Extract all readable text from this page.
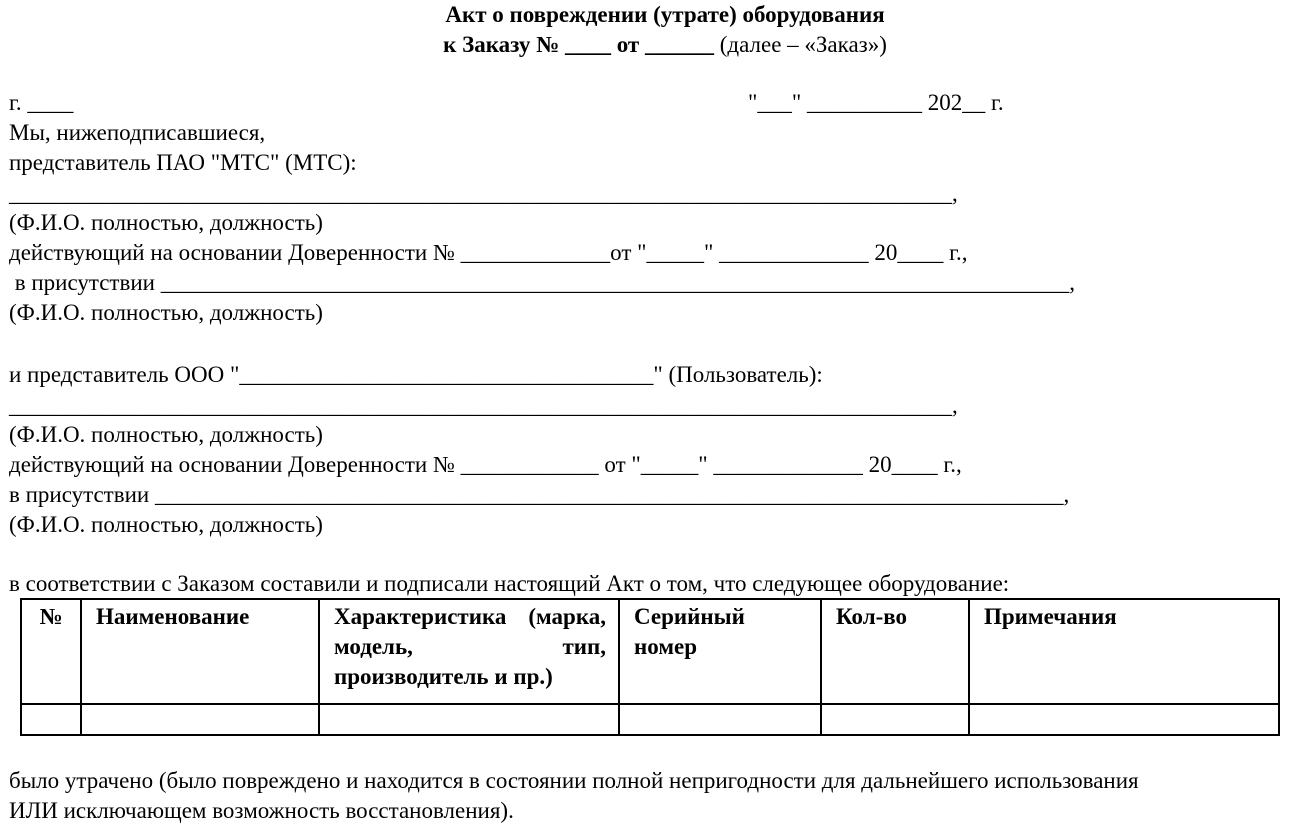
Акт о повреждении (утрате) оборудования
к Заказу № ____ от ______ (далее – «Заказ»)
г. ____	"___" __________ 202__ г.
Мы, нижеподписавшиеся,
представитель ПАО "МТС" (МТС):
__________________________________________________________________________________,
(Ф.И.О. полностью, должность)
действующий на основании Доверенности № _____________от "_____" _____________ 20____ г.,
в присутствии _______________________________________________________________________________,
(Ф.И.О. полностью, должность)
и представитель ООО "____________________________________" (Пользователь):
__________________________________________________________________________________,
(Ф.И.О. полностью, должность)
действующий на основании Доверенности № ____________ от "_____" _____________ 20____ г.,
в присутствии _______________________________________________________________________________,
(Ф.И.О. полностью, должность)
в соответствии с Заказом составили и подписали настоящий Акт о том, что следующее оборудование:
№	Наименование	Характеристика (марка, модель, тип, производитель и пр.)	Серийный номер	Кол-во	Примечания

было утрачено (было повреждено и находится в состоянии полной непригодности для дальнейшего использования
ИЛИ исключающем возможность восстановления).
